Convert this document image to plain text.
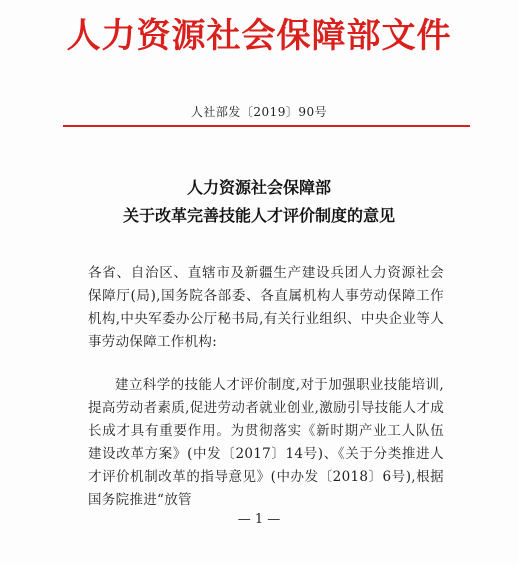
人力资源社会保障部文件
人社部发〔2019〕90号
人力资源社会保障部
关于改革完善技能人才评价制度的意见
各省、自治区、直辖市及新疆生产建设兵团人力资源社会保障厅(局),国务院各部委、各直属机构人事劳动保障工作机构,中央军委办公厅秘书局,有关行业组织、中央企业等人事劳动保障工作机构:
建立科学的技能人才评价制度,对于加强职业技能培训,提高劳动者素质,促进劳动者就业创业,激励引导技能人才成长成才具有重要作用。为贯彻落实《新时期产业工人队伍建设改革方案》(中发〔2017〕14号)、《关于分类推进人才评价机制改革的指导意见》(中办发〔2018〕6号),根据国务院推进“放管
— 1 —
